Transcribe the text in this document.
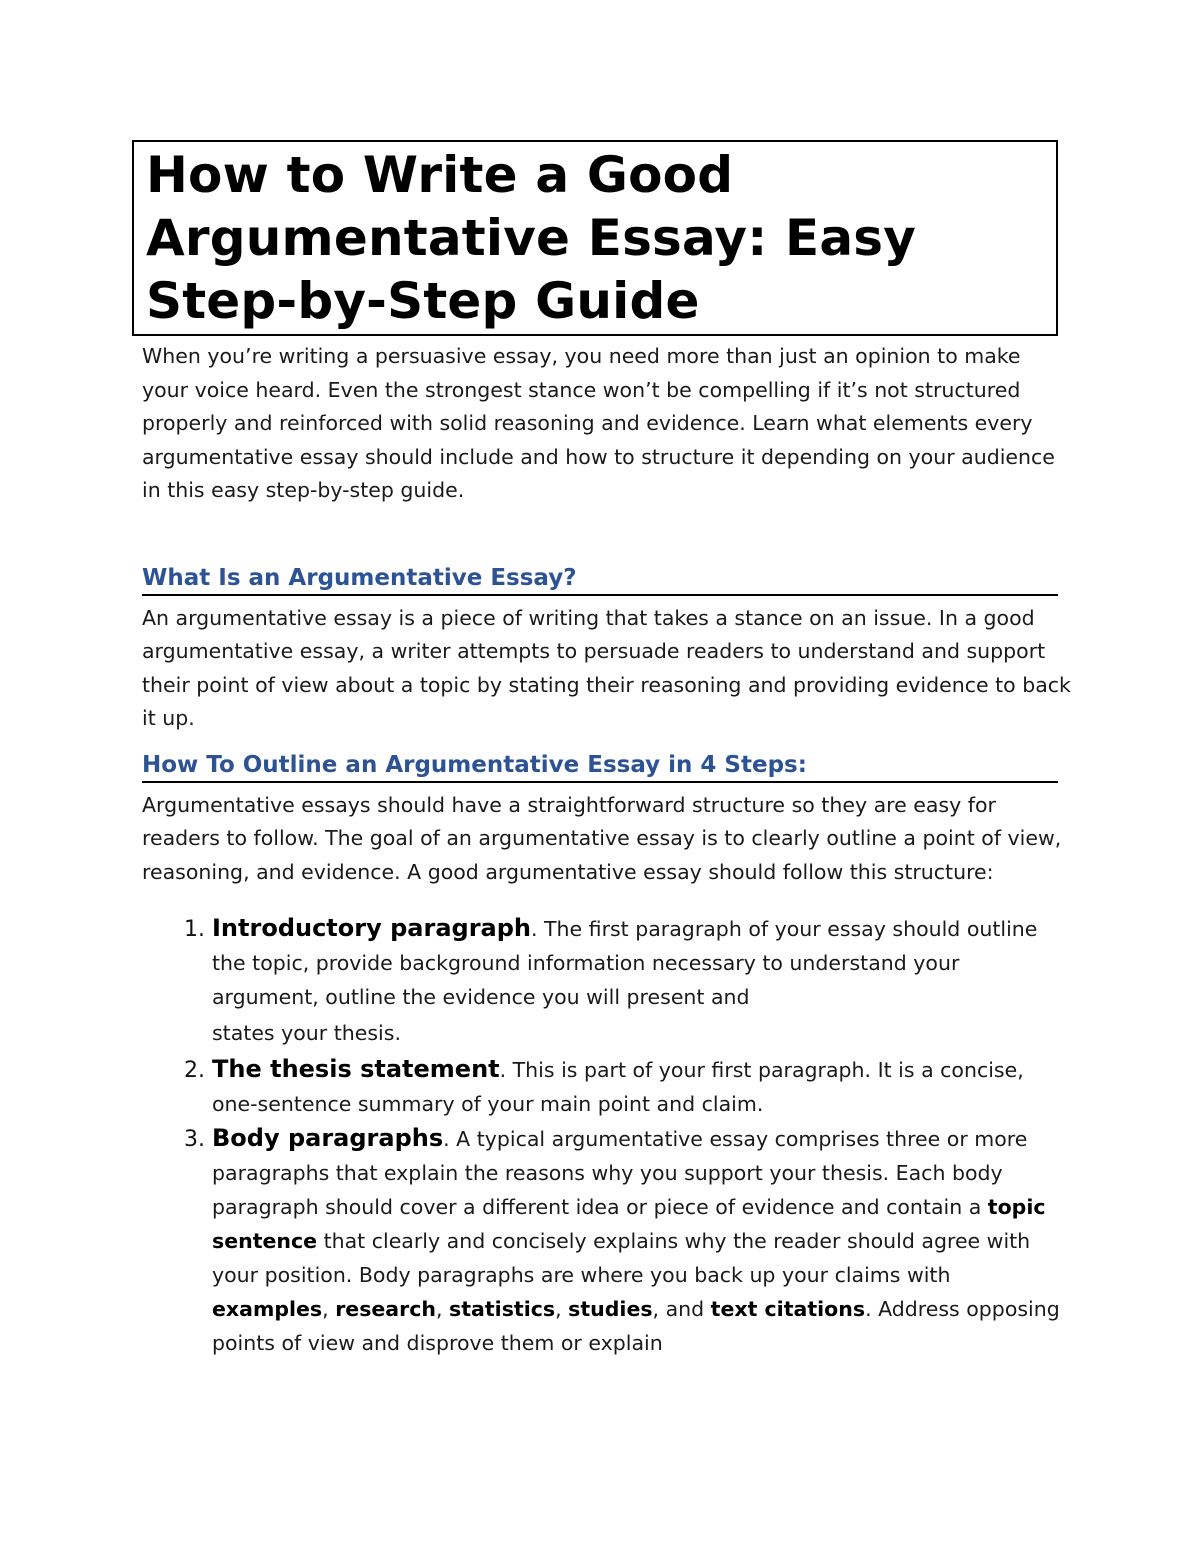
How to Write a Good Argumentative Essay: Easy Step-by-Step Guide

When you’re writing a persuasive essay, you need more than just an opinion to make your voice heard. Even the strongest stance won’t be compelling if it’s not structured properly and reinforced with solid reasoning and evidence. Learn what elements every argumentative essay should include and how to structure it depending on your audience in this easy step-by-step guide.

What Is an Argumentative Essay?

An argumentative essay is a piece of writing that takes a stance on an issue. In a good argumentative essay, a writer attempts to persuade readers to understand and support their point of view about a topic by stating their reasoning and providing evidence to back it up.

How To Outline an Argumentative Essay in 4 Steps:

Argumentative essays should have a straightforward structure so they are easy for readers to follow. The goal of an argumentative essay is to clearly outline a point of view, reasoning, and evidence. A good argumentative essay should follow this structure:

1. Introductory paragraph. The first paragraph of your essay should outline the topic, provide background information necessary to understand your argument, outline the evidence you will present and
states your thesis.
2. The thesis statement. This is part of your first paragraph. It is a concise, one-sentence summary of your main point and claim.
3. Body paragraphs. A typical argumentative essay comprises three or more paragraphs that explain the reasons why you support your thesis. Each body paragraph should cover a different idea or piece of evidence and contain a topic sentence that clearly and concisely explains why the reader should agree with your position. Body paragraphs are where you back up your claims with examples, research, statistics, studies, and text citations. Address opposing points of view and disprove them or explain
